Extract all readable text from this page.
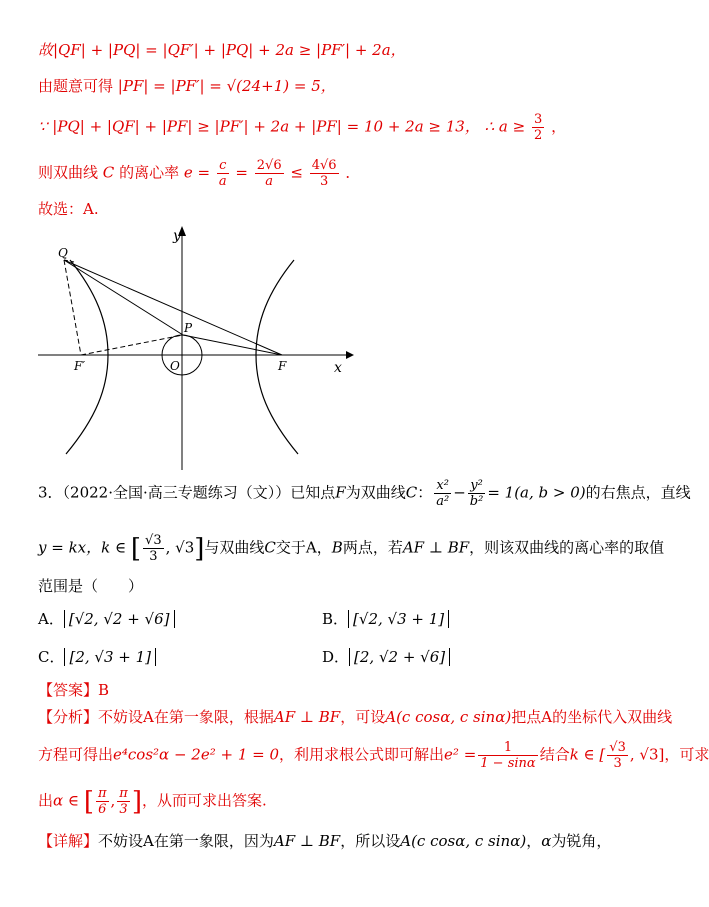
故|QF| + |PQ| = |QF′| + |PQ| + 2a ≥ |PF′| + 2a，
由题意可得 |PF| = |PF′| = √(24+1) = 5，
∵ |PQ| + |QF| + |PF| ≥ |PF′| + 2a + |PF| = 10 + 2a ≥ 13， ∴ $a \ge \frac{3}{2}$ ，
则双曲线 C 的离心率 $e = \frac{c}{a} = \frac{2√6}{a} \le \frac{4√6}{3}$ ．
故选：A.
y
x
Q
P
O	F
F′
3．（2022·全国·高三专题练习（文））已知点F为双曲线C： $\frac{\text{x²}}{\text{a²}} - \frac{\text{y²}}{\text{b²}} = 1(a$, b > 0)的右焦点，直线
y = kx，k ∈ [ $\frac{√3}{3}$ , √3]与双曲线C交于A，B两点，若AF ⊥ BF，则该双曲线的离心率的取值
范围是（　　）
A． [√2, √2 + √6]	B． [√2, √3 + 1]
C． [2, √3 + 1]	D． [2, √2 + √6]
【答案】B
【分析】不妨设A在第一象限，根据AF ⊥ BF，可设A(c cosα, c sinα)把点A的坐标代入双曲线
方程可得出e⁴cos²α − 2e² + 1 = 0，利用求根公式即可解出$e^2 = \frac{1}{1 - \sin\alpha}$ 结合k ∈ [ $\frac{√3}{3}$ , √3]，可求
出α ∈ [ $\frac{\pi}{6}$ , $\frac{\pi}{3}$ ]，从而可求出答案.
【详解】不妨设A在第一象限，因为AF ⊥ BF，所以设A(c cosα, c sinα)，α为锐角，
